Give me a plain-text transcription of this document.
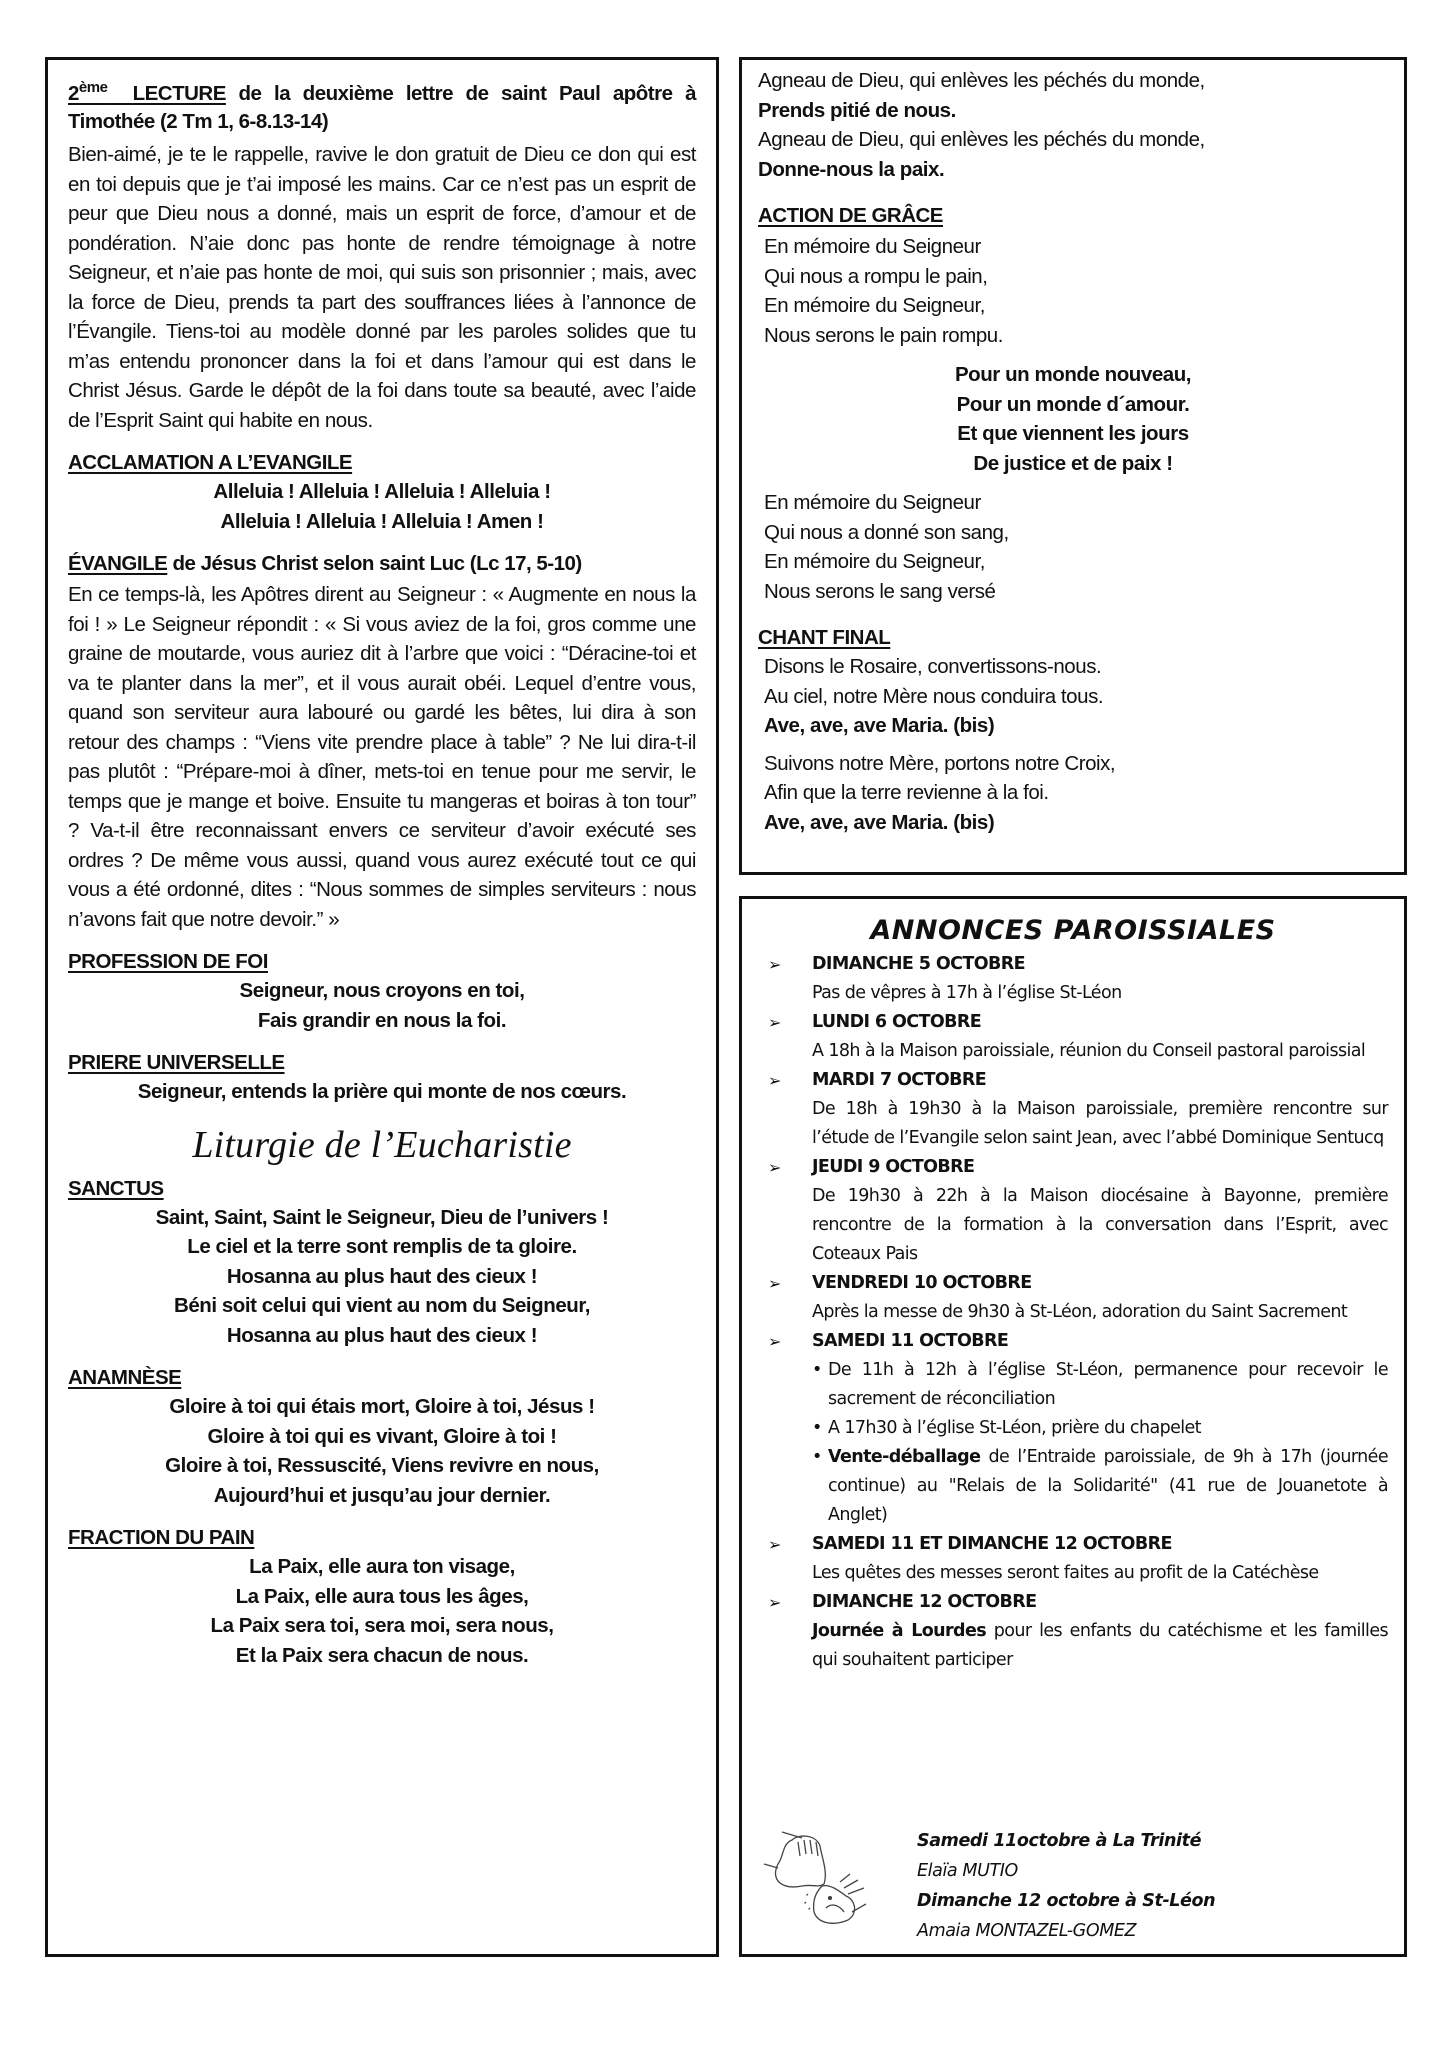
2ème LECTURE de la deuxième lettre de saint Paul apôtre à Timothée (2 Tm 1, 6-8.13-14)
Bien-aimé, je te le rappelle, ravive le don gratuit de Dieu ce don qui est en toi depuis que je t’ai imposé les mains. Car ce n’est pas un esprit de peur que Dieu nous a donné, mais un esprit de force, d’amour et de pondération. N’aie donc pas honte de rendre témoignage à notre Seigneur, et n’aie pas honte de moi, qui suis son prisonnier ; mais, avec la force de Dieu, prends ta part des souffrances liées à l’annonce de l’Évangile. Tiens-toi au modèle donné par les paroles solides que tu m’as entendu prononcer dans la foi et dans l’amour qui est dans le Christ Jésus. Garde le dépôt de la foi dans toute sa beauté, avec l’aide de l’Esprit Saint qui habite en nous.
ACCLAMATION A L’EVANGILE
Alleluia ! Alleluia ! Alleluia ! Alleluia !
Alleluia ! Alleluia ! Alleluia ! Amen !
ÉVANGILE de Jésus Christ selon saint Luc (Lc 17, 5-10)
En ce temps-là, les Apôtres dirent au Seigneur : « Augmente en nous la foi ! » Le Seigneur répondit : « Si vous aviez de la foi, gros comme une graine de moutarde, vous auriez dit à l’arbre que voici : “Déracine-toi et va te planter dans la mer”, et il vous aurait obéi. Lequel d’entre vous, quand son serviteur aura labouré ou gardé les bêtes, lui dira à son retour des champs : “Viens vite prendre place à table” ? Ne lui dira-t-il pas plutôt : “Prépare-moi à dîner, mets-toi en tenue pour me servir, le temps que je mange et boive. Ensuite tu mangeras et boiras à ton tour” ? Va-t-il être reconnaissant envers ce serviteur d’avoir exécuté ses ordres ? De même vous aussi, quand vous aurez exécuté tout ce qui vous a été ordonné, dites : “Nous sommes de simples serviteurs : nous n’avons fait que notre devoir.” »
PROFESSION DE FOI
Seigneur, nous croyons en toi,
Fais grandir en nous la foi.
PRIERE UNIVERSELLE
Seigneur, entends la prière qui monte de nos cœurs.
Liturgie de l’Eucharistie
SANCTUS
Saint, Saint, Saint le Seigneur, Dieu de l’univers !
Le ciel et la terre sont remplis de ta gloire.
Hosanna au plus haut des cieux !
Béni soit celui qui vient au nom du Seigneur,
Hosanna au plus haut des cieux !
ANAMNÈSE
Gloire à toi qui étais mort, Gloire à toi, Jésus !
Gloire à toi qui es vivant, Gloire à toi !
Gloire à toi, Ressuscité, Viens revivre en nous,
Aujourd’hui et jusqu’au jour dernier.
FRACTION DU PAIN
La Paix, elle aura ton visage,
La Paix, elle aura tous les âges,
La Paix sera toi, sera moi, sera nous,
Et la Paix sera chacun de nous.
Agneau de Dieu, qui enlèves les péchés du monde,
Prends pitié de nous.
Agneau de Dieu, qui enlèves les péchés du monde,
Donne-nous la paix.
ACTION DE GRÂCE
En mémoire du Seigneur
Qui nous a rompu le pain,
En mémoire du Seigneur,
Nous serons le pain rompu.
Pour un monde nouveau,
Pour un monde d´amour.
Et que viennent les jours
De justice et de paix !
En mémoire du Seigneur
Qui nous a donné son sang,
En mémoire du Seigneur,
Nous serons le sang versé
CHANT FINAL
Disons le Rosaire, convertissons-nous.
Au ciel, notre Mère nous conduira tous.
Ave, ave, ave Maria. (bis)
Suivons notre Mère, portons notre Croix,
Afin que la terre revienne à la foi.
Ave, ave, ave Maria. (bis)
ANNONCES PAROISSIALES
➢ DIMANCHE 5 OCTOBRE
Pas de vêpres à 17h à l’église St-Léon
➢ LUNDI 6 OCTOBRE
A 18h à la Maison paroissiale, réunion du Conseil pastoral paroissial
➢ MARDI 7 OCTOBRE
De 18h à 19h30 à la Maison paroissiale, première rencontre sur l’étude de l’Evangile selon saint Jean, avec l’abbé Dominique Sentucq
➢ JEUDI 9 OCTOBRE
De 19h30 à 22h à la Maison diocésaine à Bayonne, première rencontre de la formation à la conversation dans l’Esprit, avec Coteaux Pais
➢ VENDREDI 10 OCTOBRE
Après la messe de 9h30 à St-Léon, adoration du Saint Sacrement
➢ SAMEDI 11 OCTOBRE
• De 11h à 12h à l’église St-Léon, permanence pour recevoir le sacrement de réconciliation
• A 17h30 à l’église St-Léon, prière du chapelet
• Vente-déballage de l’Entraide paroissiale, de 9h à 17h (journée continue) au "Relais de la Solidarité" (41 rue de Jouanetote à Anglet)
➢ SAMEDI 11 ET DIMANCHE 12 OCTOBRE
Les quêtes des messes seront faites au profit de la Catéchèse
➢ DIMANCHE 12 OCTOBRE
Journée à Lourdes pour les enfants du catéchisme et les familles qui souhaitent participer
Samedi 11octobre à La Trinité
Elaïa MUTIO
Dimanche 12 octobre à St-Léon
Amaia MONTAZEL-GOMEZ
